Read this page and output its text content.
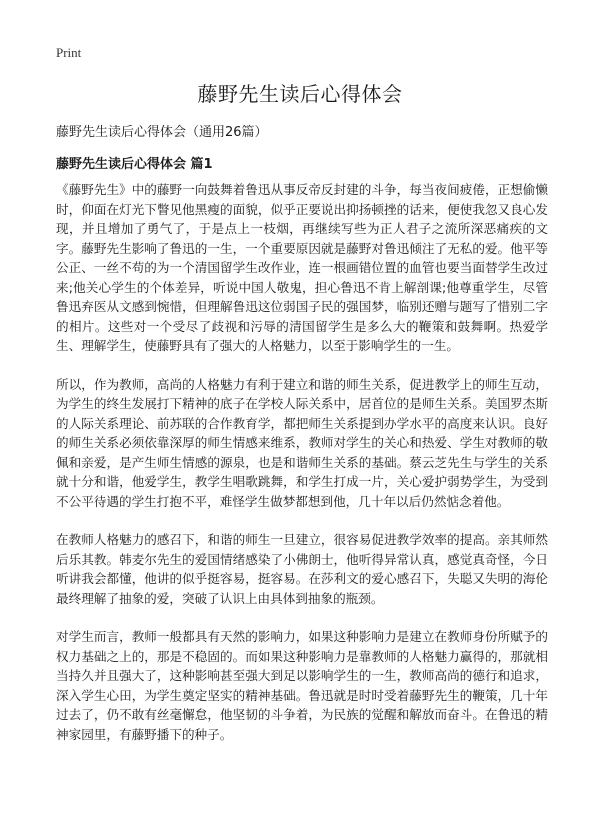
Print
藤野先生读后心得体会

藤野先生读后心得体会（通用26篇）

藤野先生读后心得体会 篇1

《藤野先生》中的藤野一向鼓舞着鲁迅从事反帝反封建的斗争，每当夜间疲倦，正想偷懒时，仰面在灯光下瞥见他黑瘦的面貌，似乎正要说出抑扬顿挫的话来，便使我忽又良心发现，并且增加了勇气了，于是点上一枝烟，再继续写些为正人君子之流所深恶痛疾的文字。藤野先生影响了鲁迅的一生，一个重要原因就是藤野对鲁迅倾注了无私的爱。他平等公正、一丝不苟的为一个清国留学生改作业，连一根画错位置的血管也要当面替学生改过来;他关心学生的个体差异，听说中国人敬鬼，担心鲁迅不肯上解剖课;他尊重学生，尽管鲁迅弃医从文感到惋惜，但理解鲁迅这位弱国子民的强国梦，临别还赠与题写了惜别二字的相片。这些对一个受尽了歧视和污辱的清国留学生是多么大的鞭策和鼓舞啊。热爱学生、理解学生，使藤野具有了强大的人格魅力，以至于影响学生的一生。

所以，作为教师，高尚的人格魅力有利于建立和谐的师生关系，促进教学上的师生互动，为学生的终生发展打下精神的底子在学校人际关系中，居首位的是师生关系。美国罗杰斯的人际关系理论、前苏联的合作教育学，都把师生关系提到办学水平的高度来认识。良好的师生关系必须依靠深厚的师生情感来维系，教师对学生的关心和热爱、学生对教师的敬佩和亲爱，是产生师生情感的源泉，也是和谐师生关系的基础。蔡云芝先生与学生的关系就十分和谐，他爱学生，教学生唱歌跳舞，和学生打成一片，关心爱护弱势学生，为受到不公平待遇的学生打抱不平，难怪学生做梦都想到他，几十年以后仍然惦念着他。

在教师人格魅力的感召下，和谐的师生一旦建立，很容易促进教学效率的提高。亲其师然后乐其教。韩麦尔先生的爱国情绪感染了小佛朗士，他听得异常认真，感觉真奇怪，今日听讲我会都懂，他讲的似乎挺容易，挺容易。在莎利文的爱心感召下，失聪又失明的海伦最终理解了抽象的爱，突破了认识上由具体到抽象的瓶颈。

对学生而言，教师一般都具有天然的影响力，如果这种影响力是建立在教师身份所赋予的权力基础之上的，那是不稳固的。而如果这种影响力是靠教师的人格魅力赢得的，那就相当持久并且强大了，这种影响甚至强大到足以影响学生的一生，教师高尚的德行和追求，深入学生心田，为学生奠定坚实的精神基础。鲁迅就是时时受着藤野先生的鞭策，几十年过去了，仍不敢有丝毫懈怠，他坚韧的斗争着，为民族的觉醒和解放而奋斗。在鲁迅的精神家园里，有藤野播下的种子。
